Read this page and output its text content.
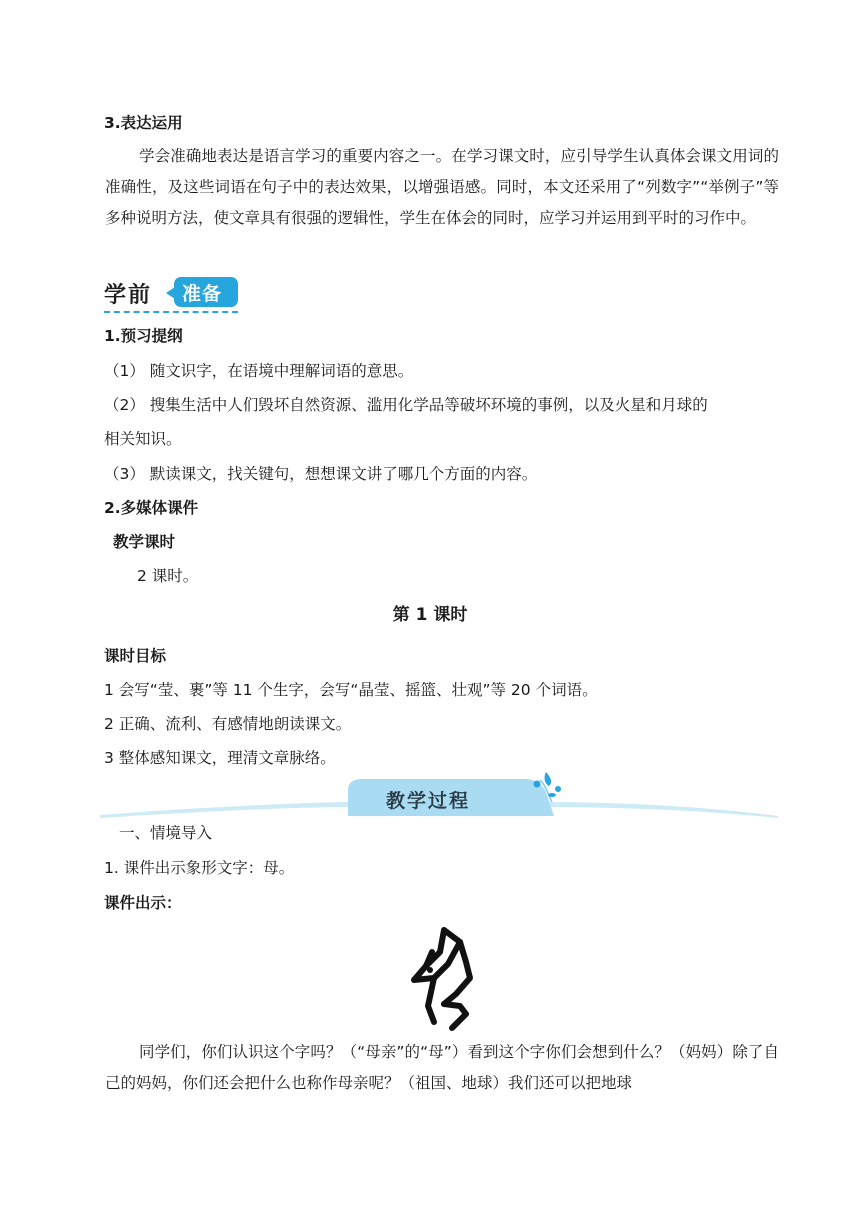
3.表达运用
学会准确地表达是语言学习的重要内容之一。在学习课文时，应引导学生认真体会课文用词的准确性，及这些词语在句子中的表达效果，以增强语感。同时，本文还采用了“列数字”“举例子”等多种说明方法，使文章具有很强的逻辑性，学生在体会的同时，应学习并运用到平时的习作中。
学前 准备
1.预习提纲
（1） 随文识字，在语境中理解词语的意思。
（2） 搜集生活中人们毁坏自然资源、滥用化学品等破坏环境的事例，以及火星和月球的
相关知识。
（3） 默读课文，找关键句，想想课文讲了哪几个方面的内容。
2.多媒体课件
教学课时
2 课时。
第 1 课时
课时目标
1 会写“莹、裹”等 11 个生字，会写“晶莹、摇篮、壮观”等 20 个词语。
2 正确、流利、有感情地朗读课文。
3 整体感知课文，理清文章脉络。
教学过程
一、情境导入
1. 课件出示象形文字：母。
课件出示：
同学们，你们认识这个字吗？（“母亲”的“母”）看到这个字你们会想到什么？（妈妈）除了自己的妈妈，你们还会把什么也称作母亲呢？（祖国、地球）我们还可以把地球
